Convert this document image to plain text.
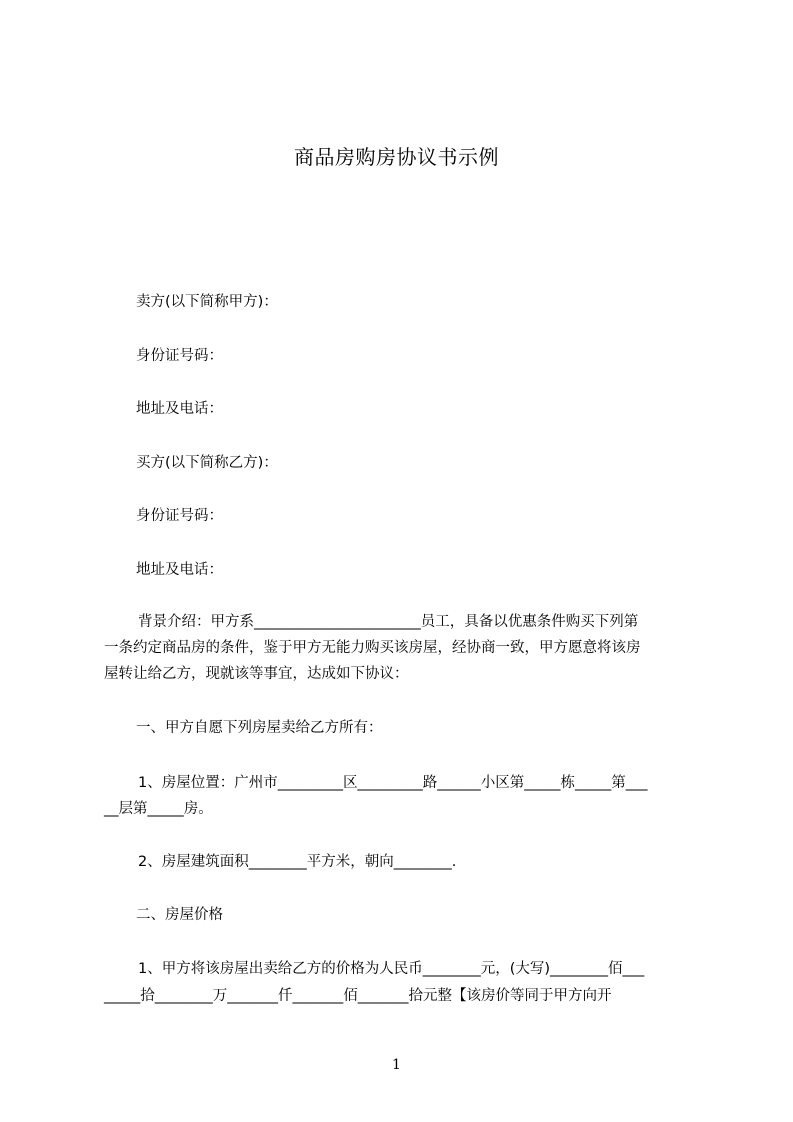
商品房购房协议书示例
卖方(以下简称甲方)：
身份证号码：
地址及电话：
买方(以下简称乙方)：
身份证号码：
地址及电话：
背景介绍：甲方系_______________________员工，具备以优惠条件购买下列第
一条约定商品房的条件，鉴于甲方无能力购买该房屋，经协商一致，甲方愿意将该房
屋转让给乙方，现就该等事宜，达成如下协议：
一、甲方自愿下列房屋卖给乙方所有：
1、房屋位置：广州市_________区_________路______小区第_____栋_____第___
__层第_____房。
2、房屋建筑面积________平方米，朝向________.
二、房屋价格
1、甲方将该房屋出卖给乙方的价格为人民币________元，(大写)________佰___
_____拾________万_______仟_______佰_______拾元整【该房价等同于甲方向开
1
